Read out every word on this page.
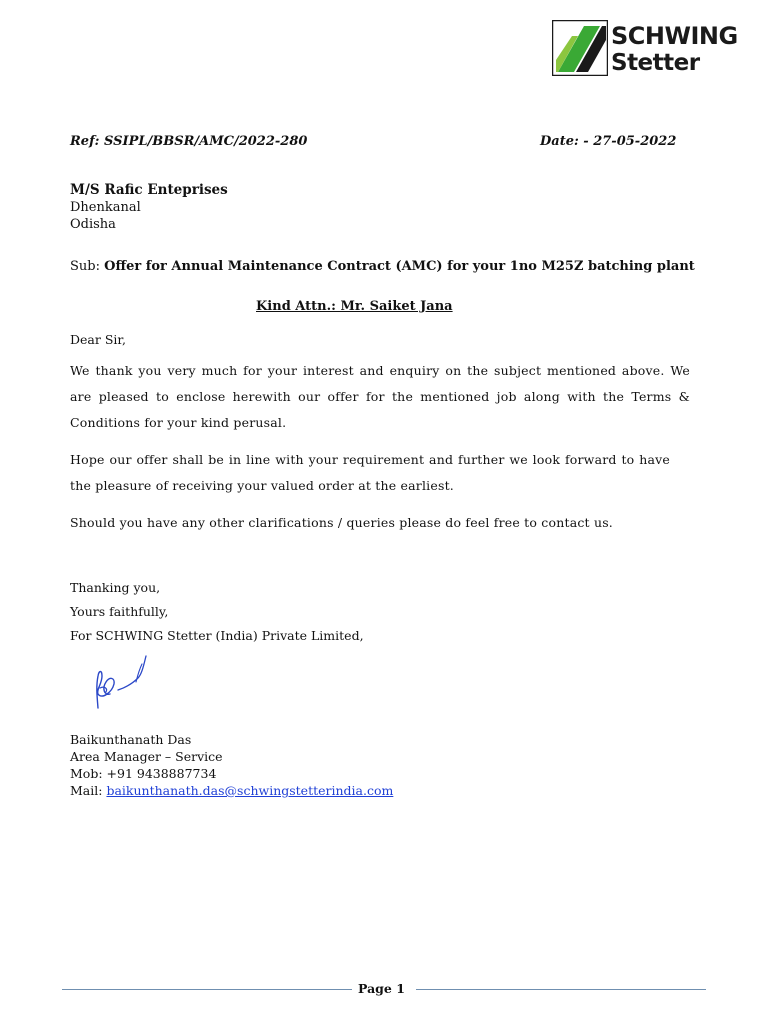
SCHWING
Stetter
Ref: SSIPL/BBSR/AMC/2022-280	Date: - 27-05-2022
M/S Rafic Enteprises
Dhenkanal
Odisha
Sub: Offer for Annual Maintenance Contract (AMC) for your 1no M25Z batching plant
Kind Attn.: Mr. Saiket Jana
Dear Sir,
We thank you very much for your interest and enquiry on the subject mentioned above. We are pleased to enclose herewith our offer for the mentioned job along with the Terms & Conditions for your kind perusal.
Hope our offer shall be in line with your requirement and further we look forward to have the pleasure of receiving your valued order at the earliest.
Should you have any other clarifications / queries please do feel free to contact us.
Thanking you,
Yours faithfully,
For SCHWING Stetter (India) Private Limited,
Baikunthanath Das
Area Manager – Service
Mob: +91 9438887734
Mail: baikunthanath.das@schwingstetterindia.com
Page 1
